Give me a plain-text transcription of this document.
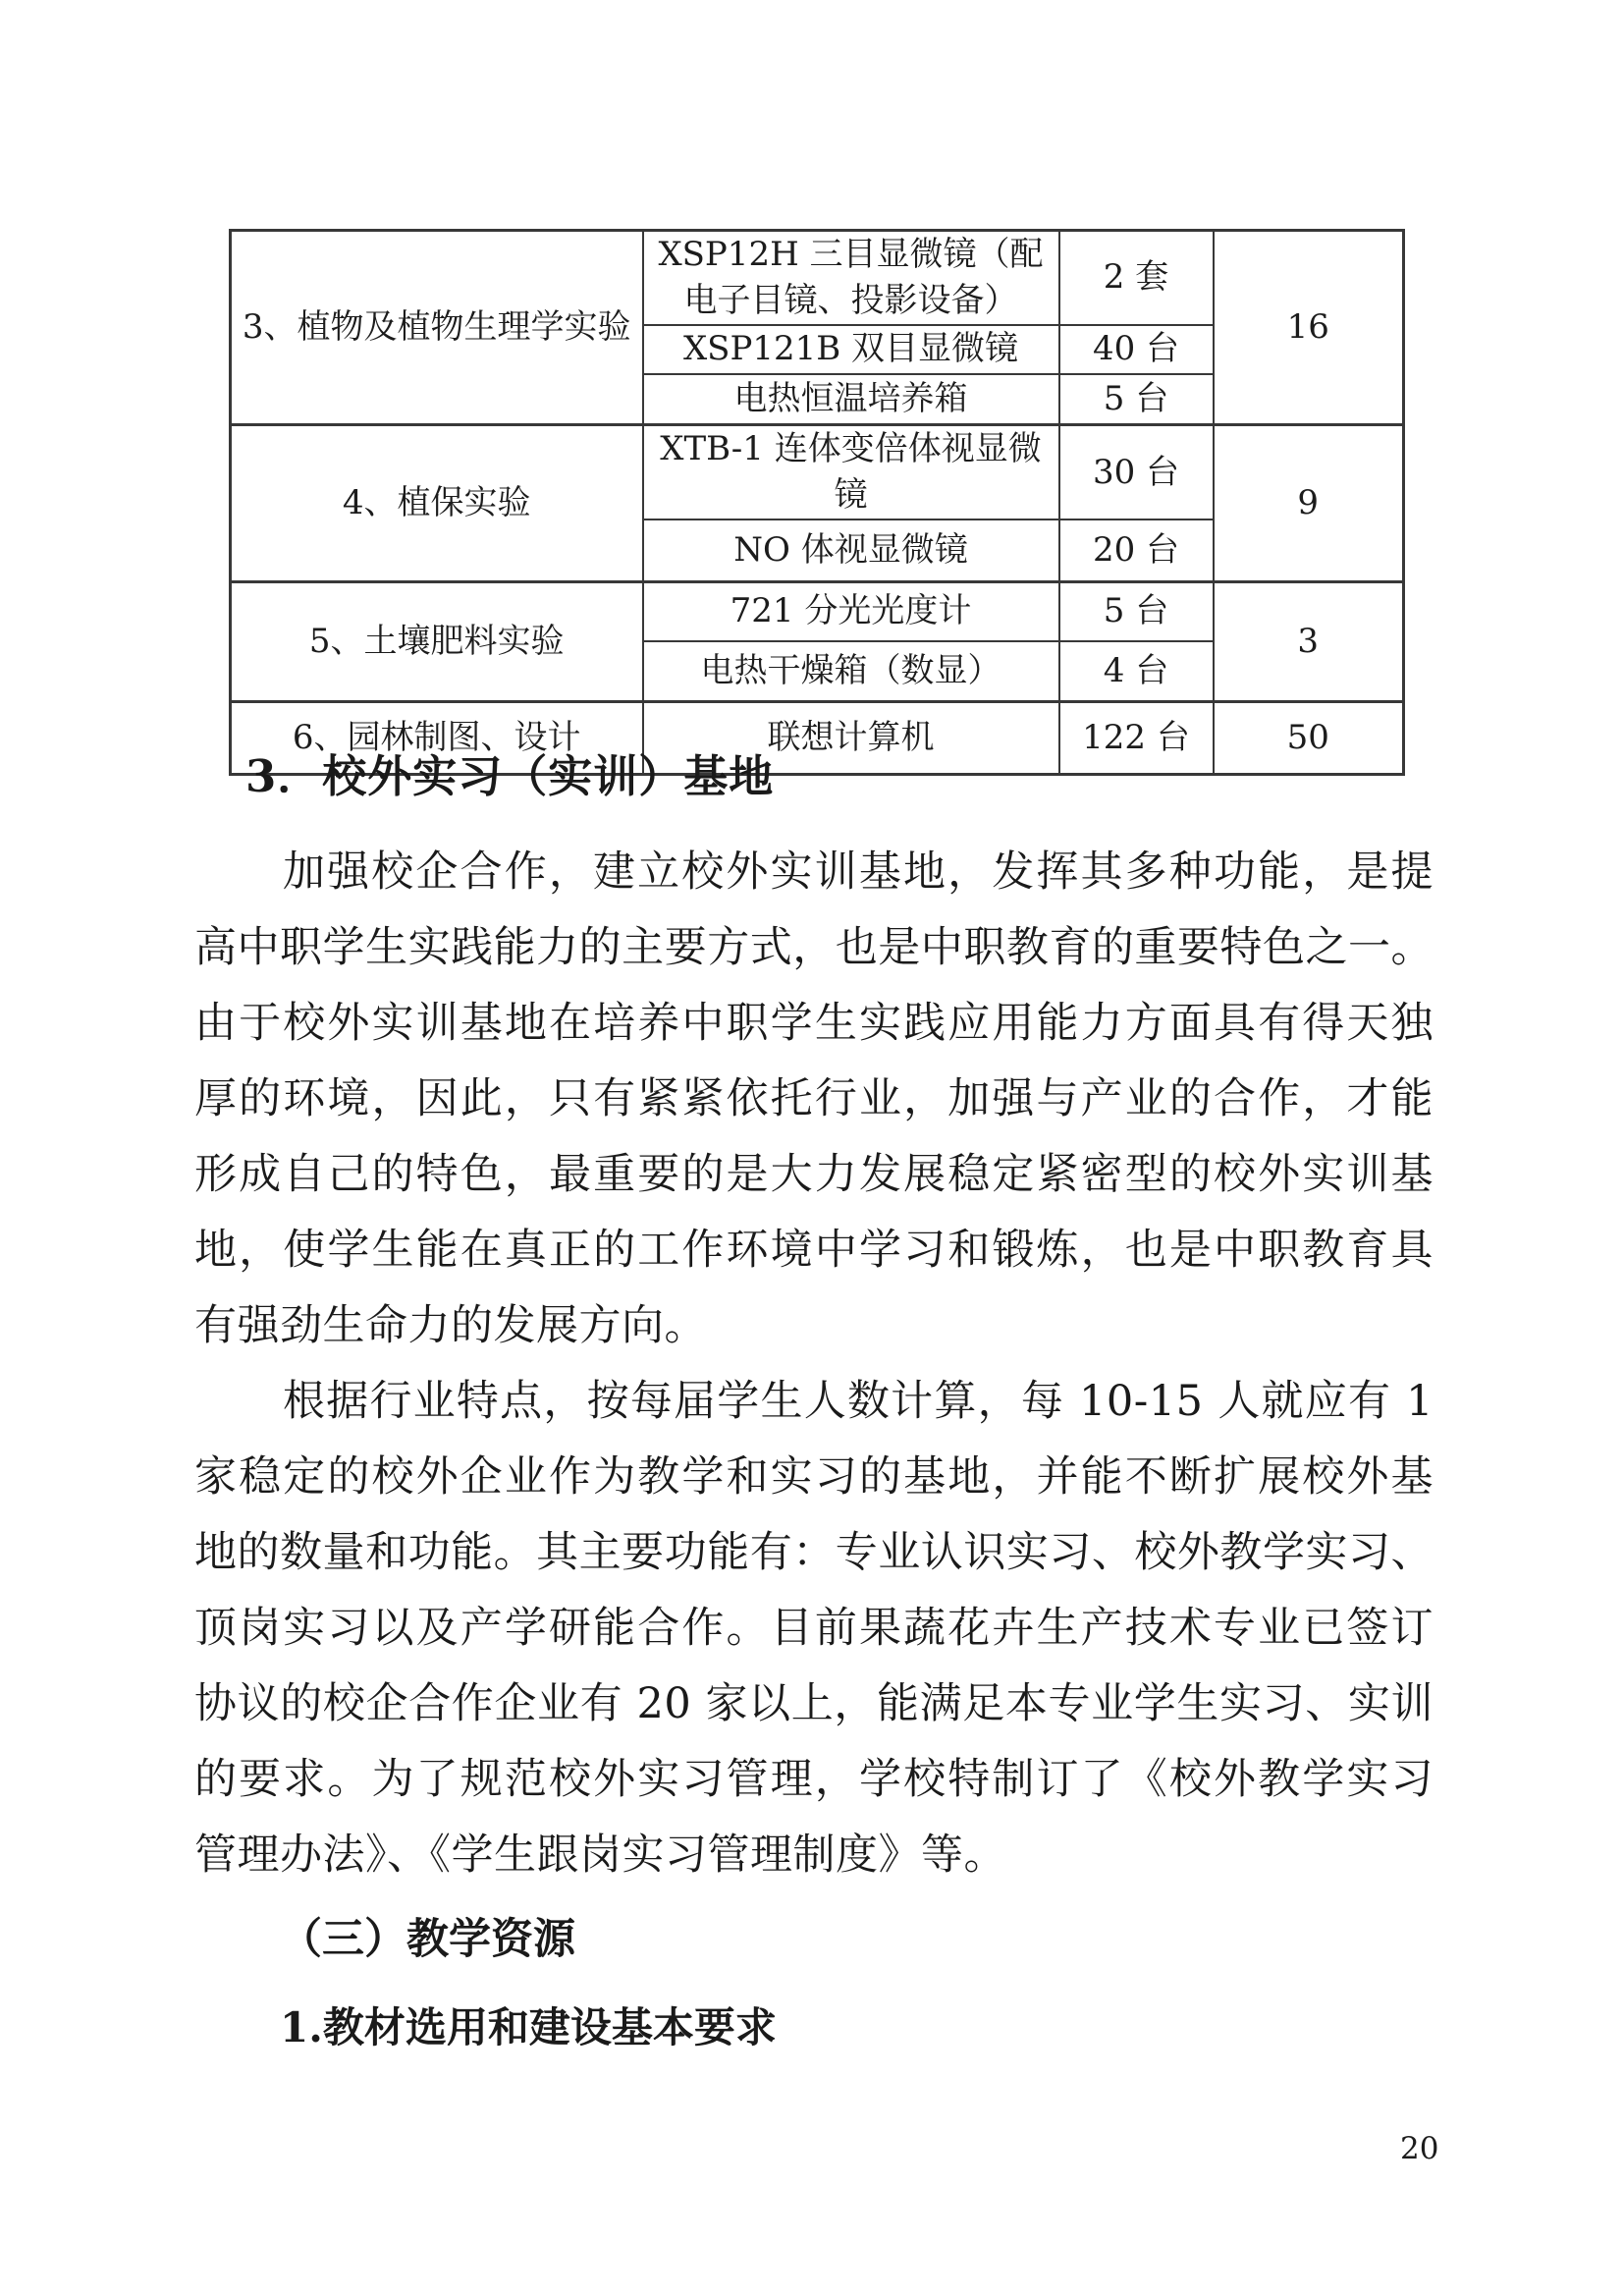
3、植物及植物生理学实验	XSP12H 三目显微镜（配电子目镜、投影设备）	2 套	16
	XSP121B 双目显微镜	40 台	
	电热恒温培养箱	5 台	
4、植保实验	XTB-1 连体变倍体视显微镜	30 台	9
	NO 体视显微镜	20 台	
5、土壤肥料实验	721 分光光度计	5 台	3
	电热干燥箱（数显）	4 台	
6、园林制图、设计	联想计算机	122 台	50
3．校外实习（实训）基地
加强校企合作，建立校外实训基地，发挥其多种功能，是提
高中职学生实践能力的主要方式，也是中职教育的重要特色之一。
由于校外实训基地在培养中职学生实践应用能力方面具有得天独
厚的环境，因此，只有紧紧依托行业，加强与产业的合作，才能
形成自己的特色，最重要的是大力发展稳定紧密型的校外实训基
地，使学生能在真正的工作环境中学习和锻炼，也是中职教育具
有强劲生命力的发展方向。
根据行业特点，按每届学生人数计算，每 10-15 人就应有 1
家稳定的校外企业作为教学和实习的基地，并能不断扩展校外基
地的数量和功能。其主要功能有：专业认识实习、校外教学实习、
顶岗实习以及产学研能合作。目前果蔬花卉生产技术专业已签订
协议的校企合作企业有 20 家以上，能满足本专业学生实习、实训
的要求。为了规范校外实习管理，学校特制订了《校外教学实习
管理办法》、《学生跟岗实习管理制度》等。
（三）教学资源
1.教材选用和建设基本要求
20
